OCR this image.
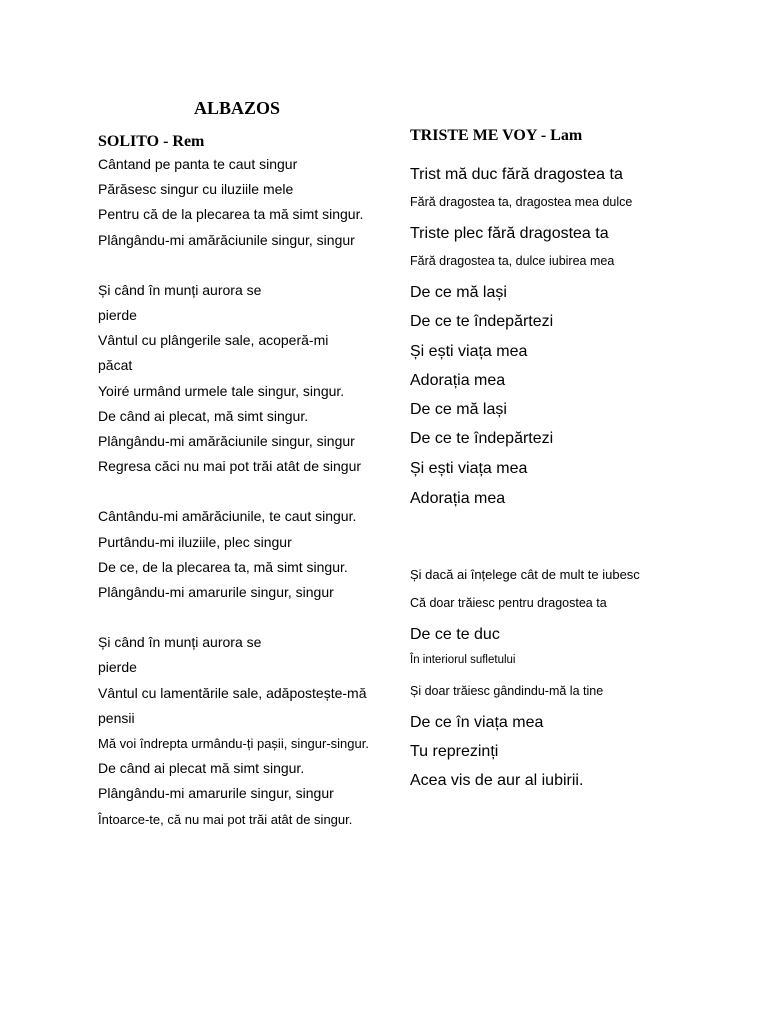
ALBAZOS
SOLITO - Rem

Cântand pe panta te caut singur

Părăsesc singur cu iluziile mele

Pentru că de la plecarea ta mă simt singur.

Plângându-mi amărăciunile singur, singur

Și când în munți aurora se

pierde

Vântul cu plângerile sale, acoperă-mi

păcat

Yoiré urmând urmele tale singur, singur.

De când ai plecat, mă simt singur.

Plângându-mi amărăciunile singur, singur

Regresa căci nu mai pot trăi atât de singur

Cântându-mi amărăciunile, te caut singur.

Purtându-mi iluziile, plec singur

De ce, de la plecarea ta, mă simt singur.

Plângându-mi amarurile singur, singur

Și când în munți aurora se

pierde

Vântul cu lamentările sale, adăpostește-mă

pensii

Mă voi îndrepta urmându-ți pașii, singur-singur.

De când ai plecat mă simt singur.

Plângându-mi amarurile singur, singur

Întoarce-te, că nu mai pot trăi atât de singur.

TRISTE ME VOY - Lam

Trist mă duc fără dragostea ta

Fără dragostea ta, dragostea mea dulce

Triste plec fără dragostea ta

Fără dragostea ta, dulce iubirea mea

De ce mă lași

De ce te îndepărtezi

Și ești viața mea

Adorația mea

De ce mă lași

De ce te îndepărtezi

Și ești viața mea

Adorația mea

Și dacă ai înțelege cât de mult te iubesc

Că doar trăiesc pentru dragostea ta

De ce te duc

În interiorul sufletului

Și doar trăiesc gândindu-mă la tine

De ce în viața mea

Tu reprezinți

Acea vis de aur al iubirii.
